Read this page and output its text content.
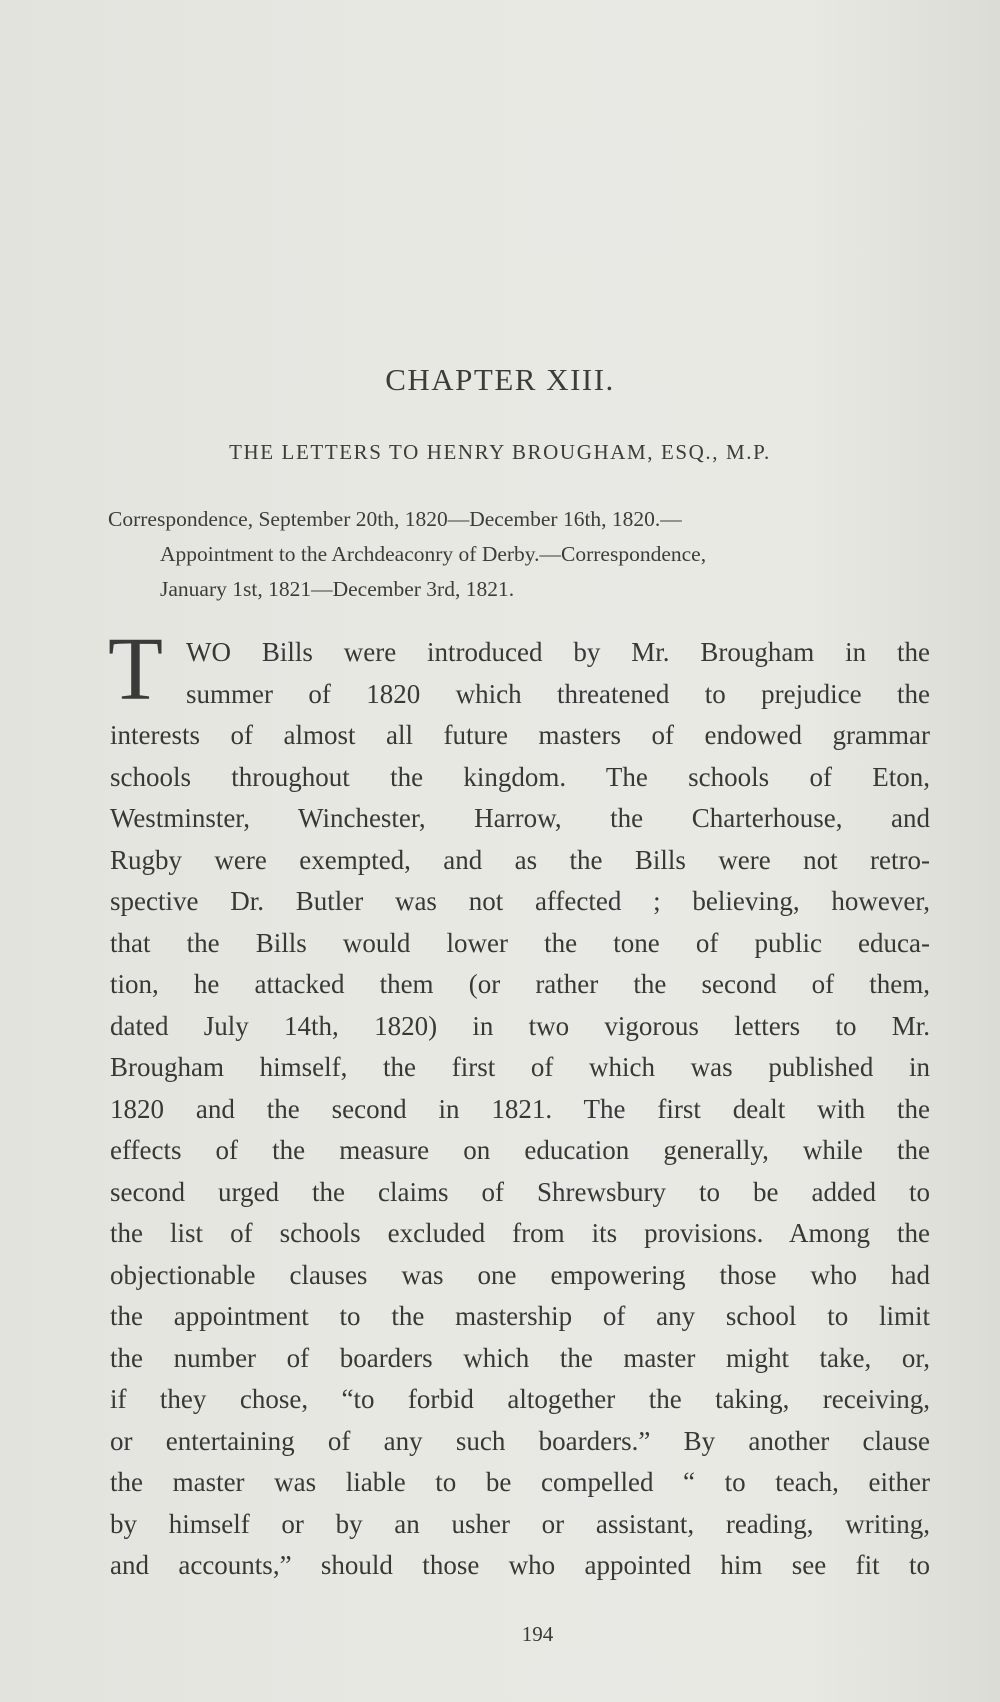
CHAPTER XIII.
THE LETTERS TO HENRY BROUGHAM, ESQ., M.P.
Correspondence, September 20th, 1820—December 16th, 1820.—
Appointment to the Archdeaconry of Derby.—Correspondence,
January 1st, 1821—December 3rd, 1821.
T WO Bills were introduced by Mr. Brougham in the
summer of 1820 which threatened to prejudice the
interests of almost all future masters of endowed grammar
schools throughout the kingdom. The schools of Eton,
Westminster, Winchester, Harrow, the Charterhouse, and
Rugby were exempted, and as the Bills were not retro-
spective Dr. Butler was not affected ; believing, however,
that the Bills would lower the tone of public educa-
tion, he attacked them (or rather the second of them,
dated July 14th, 1820) in two vigorous letters to Mr.
Brougham himself, the first of which was published in
1820 and the second in 1821. The first dealt with the
effects of the measure on education generally, while the
second urged the claims of Shrewsbury to be added to
the list of schools excluded from its provisions. Among the
objectionable clauses was one empowering those who had
the appointment to the mastership of any school to limit
the number of boarders which the master might take, or,
if they chose, “to forbid altogether the taking, receiving,
or entertaining of any such boarders.” By another clause
the master was liable to be compelled “ to teach, either
by himself or by an usher or assistant, reading, writing,
and accounts,” should those who appointed him see fit to
194
